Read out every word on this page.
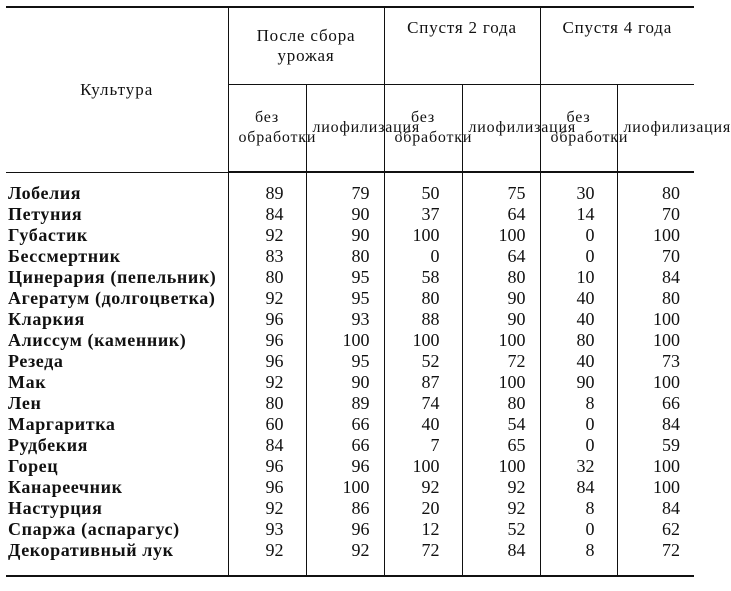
Культура	После сбора урожая		Спустя 2 года		Спустя 4 года	
	без обработки	лиофилизация	без обработки	лиофилизация	без обработки	лиофилизация
Лобелия	89	79	50	75	30	80
Петуния	84	90	37	64	14	70
Губастик	92	90	100	100	0	100
Бессмертник	83	80	0	64	0	70
Цинерария (пепельник)	80	95	58	80	10	84
Агератум (долгоцветка)	92	95	80	90	40	80
Кларкия	96	93	88	90	40	100
Алиссум (каменник)	96	100	100	100	80	100
Резеда	96	95	52	72	40	73
Мак	92	90	87	100	90	100
Лен	80	89	74	80	8	66
Маргаритка	60	66	40	54	0	84
Рудбекия	84	66	7	65	0	59
Горец	96	96	100	100	32	100
Канареечник	96	100	92	92	84	100
Настурция	92	86	20	92	8	84
Спаржа (аспарагус)	93	96	12	52	0	62
Декоративный лук	92	92	72	84	8	72
